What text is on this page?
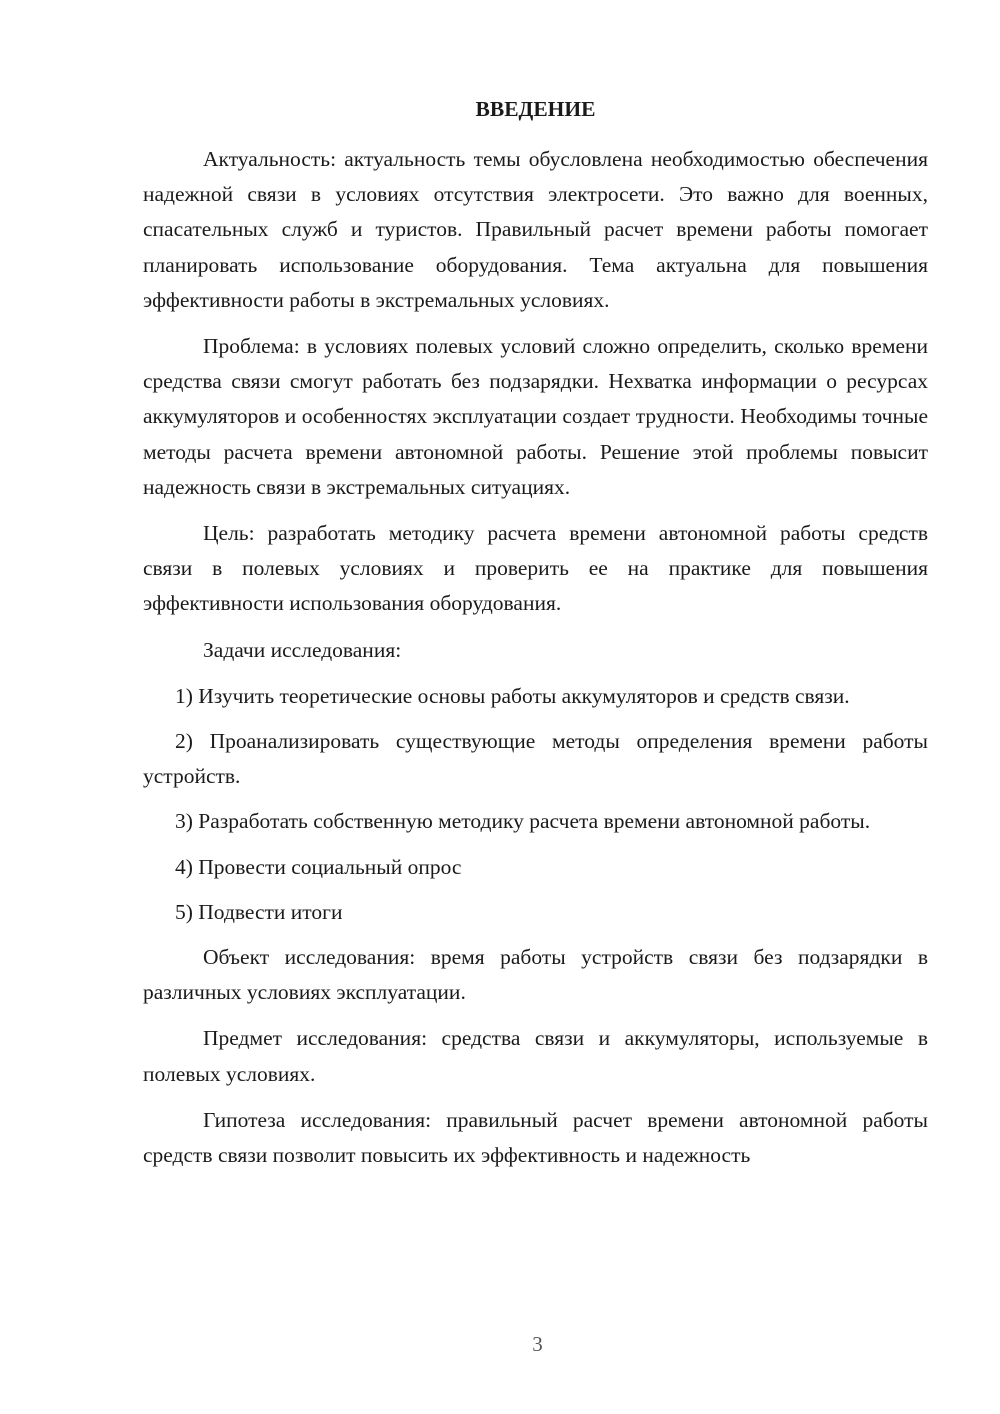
ВВЕДЕНИЕ

Актуальность: актуальность темы обусловлена необходимостью обеспечения надежной связи в условиях отсутствия электросети. Это важно для военных, спасательных служб и туристов. Правильный расчет времени работы помогает планировать использование оборудования. Тема актуальна для повышения эффективности работы в экстремальных условиях.

Проблема: в условиях полевых условий сложно определить, сколько времени средства связи смогут работать без подзарядки. Нехватка информации о ресурсах аккумуляторов и особенностях эксплуатации создает трудности. Необходимы точные методы расчета времени автономной работы. Решение этой проблемы повысит надежность связи в экстремальных ситуациях.

Цель: разработать методику расчета времени автономной работы средств связи в полевых условиях и проверить ее на практике для повышения эффективности использования оборудования.

Задачи исследования:

1) Изучить теоретические основы работы аккумуляторов и средств связи.

2) Проанализировать существующие методы определения времени работы устройств.

3) Разработать собственную методику расчета времени автономной работы.

4) Провести социальный опрос

5) Подвести итоги

Объект исследования: время работы устройств связи без подзарядки в различных условиях эксплуатации.

Предмет исследования: средства связи и аккумуляторы, используемые в полевых условиях.

Гипотеза исследования: правильный расчет времени автономной работы средств связи позволит повысить их эффективность и надежность

3
